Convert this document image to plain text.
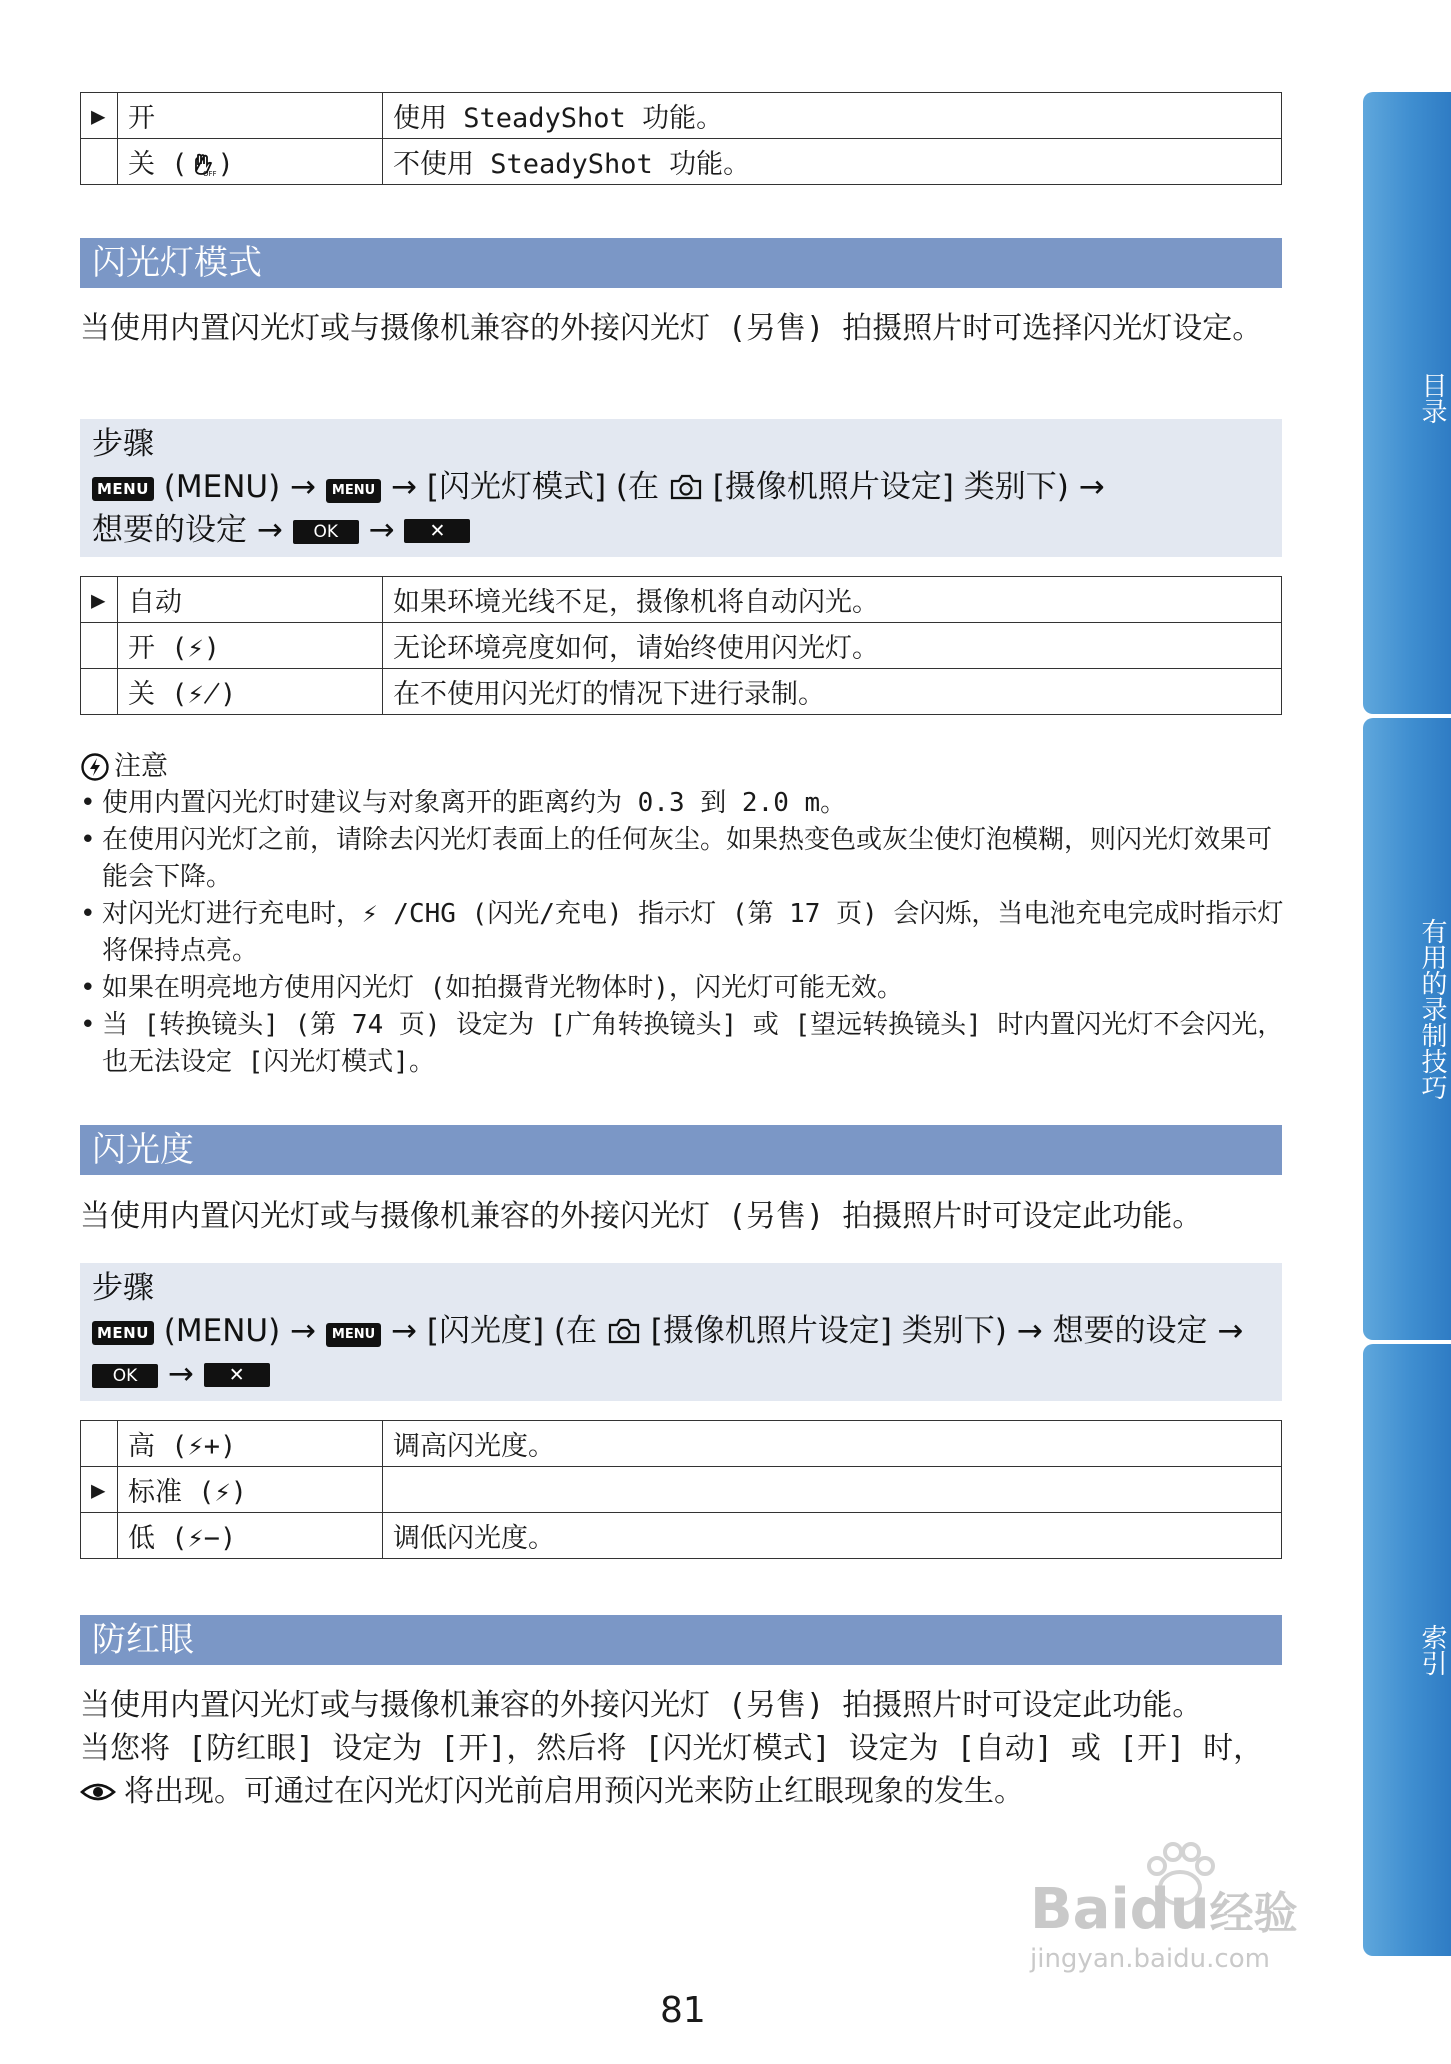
▶	开	使用 SteadyShot 功能。
	关 ( OFF )	不使用 SteadyShot 功能。
闪光灯模式
当使用内置闪光灯或与摄像机兼容的外接闪光灯 (另售) 拍摄照片时可选择闪光灯设定。
步骤
MENU (MENU) → MENU → [闪光灯模式] (在 [摄像机照片设定] 类别下) →
想要的设定 → OK → ✕
▶	自动	如果环境光线不足，摄像机将自动闪光。
	开 (⚡)	无论环境亮度如何，请始终使用闪光灯。
	关 (⚡̸)	在不使用闪光灯的情况下进行录制。
注意
• 使用内置闪光灯时建议与对象离开的距离约为 0.3 到 2.0 m。
• 在使用闪光灯之前，请除去闪光灯表面上的任何灰尘。如果热变色或灰尘使灯泡模糊，则闪光灯效果可能会下降。
• 对闪光灯进行充电时，⚡ /CHG (闪光/充电) 指示灯 (第 17 页) 会闪烁，当电池充电完成时指示灯将保持点亮。
• 如果在明亮地方使用闪光灯 (如拍摄背光物体时)，闪光灯可能无效。
• 当 [转换镜头] (第 74 页) 设定为 [广角转换镜头] 或 [望远转换镜头] 时内置闪光灯不会闪光，也无法设定 [闪光灯模式]。
闪光度
当使用内置闪光灯或与摄像机兼容的外接闪光灯 (另售) 拍摄照片时可设定此功能。
步骤
MENU (MENU) → MENU → [闪光度] (在 [摄像机照片设定] 类别下) → 想要的设定 → OK → ✕
	高 (⚡+)	调高闪光度。
▶	标准 (⚡)	
	低 (⚡−)	调低闪光度。
防红眼
当使用内置闪光灯或与摄像机兼容的外接闪光灯 (另售) 拍摄照片时可设定此功能。
当您将 [防红眼] 设定为 [开]，然后将 [闪光灯模式] 设定为 [自动] 或 [开] 时，
将出现。可通过在闪光灯闪光前启用预闪光来防止红眼现象的发生。
目录
有用的录制技巧
索引
81
Baidu经验
jingyan.baidu.com
